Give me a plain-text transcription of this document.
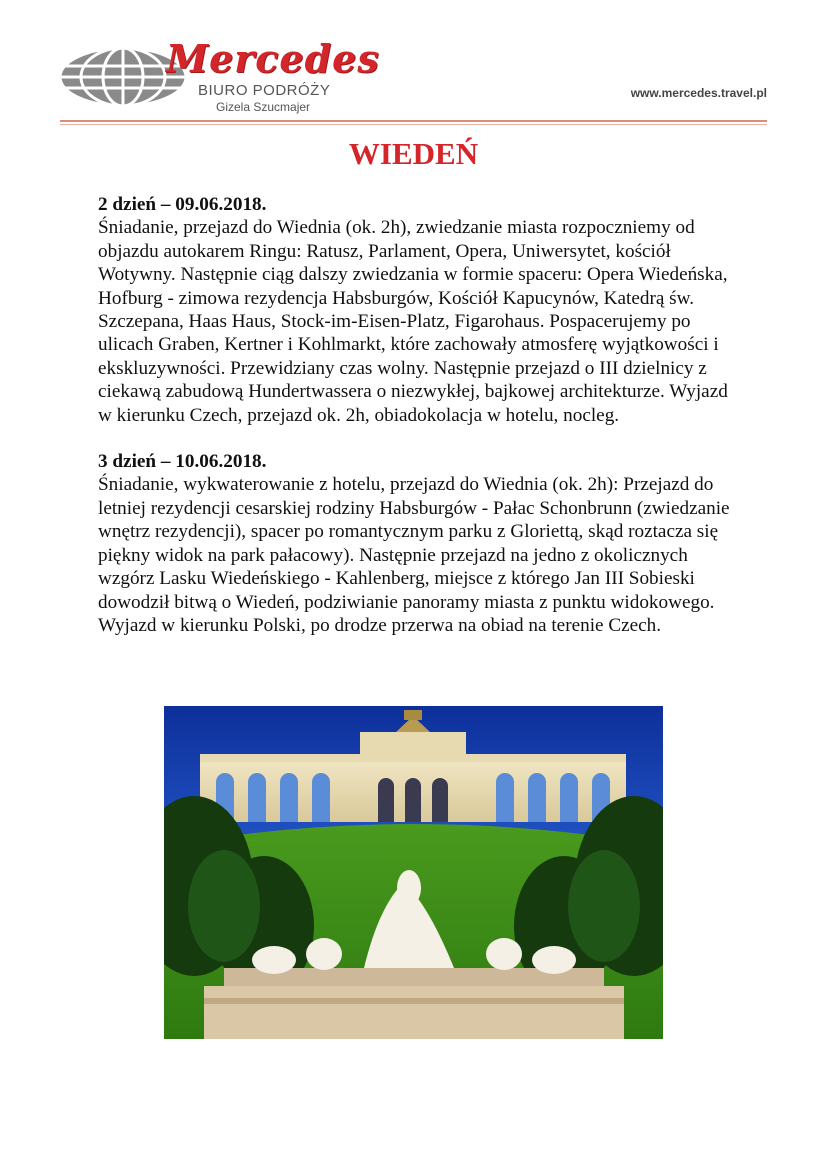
Mercedes
BIURO PODRÓŻY
Gizela Szucmajer
www.mercedes.travel.pl
WIEDEŃ

2 dzień – 09.06.2018.

Śniadanie, przejazd do Wiednia (ok. 2h), zwiedzanie miasta rozpoczniemy od objazdu autokarem Ringu: Ratusz, Parlament, Opera, Uniwersytet, kościół Wotywny. Następnie ciąg dalszy zwiedzania w formie spaceru: Opera Wiedeńska, Hofburg - zimowa rezydencja Habsburgów, Kościół Kapucynów, Katedrą św. Szczepana, Haas Haus, Stock-im-Eisen-Platz, Figarohaus. Pospacerujemy po ulicach Graben, Kertner i Kohlmarkt, które zachowały atmosferę wyjątkowości i ekskluzywności. Przewidziany czas wolny. Następnie przejazd o III dzielnicy z ciekawą zabudową Hundertwassera o niezwykłej, bajkowej architekturze. Wyjazd w kierunku Czech, przejazd ok. 2h, obiadokolacja w hotelu, nocleg.

3 dzień – 10.06.2018.

Śniadanie, wykwaterowanie z hotelu, przejazd do Wiednia (ok. 2h): Przejazd do letniej rezydencji cesarskiej rodziny Habsburgów - Pałac Schonbrunn (zwiedzanie wnętrz rezydencji), spacer po romantycznym parku z Gloriettą, skąd roztacza się piękny widok na park pałacowy). Następnie przejazd na jedno z okolicznych wzgórz Lasku Wiedeńskiego - Kahlenberg, miejsce z którego Jan III Sobieski dowodził bitwą o Wiedeń, podziwianie panoramy miasta z punktu widokowego. Wyjazd w kierunku Polski, po drodze przerwa na obiad na terenie Czech.
